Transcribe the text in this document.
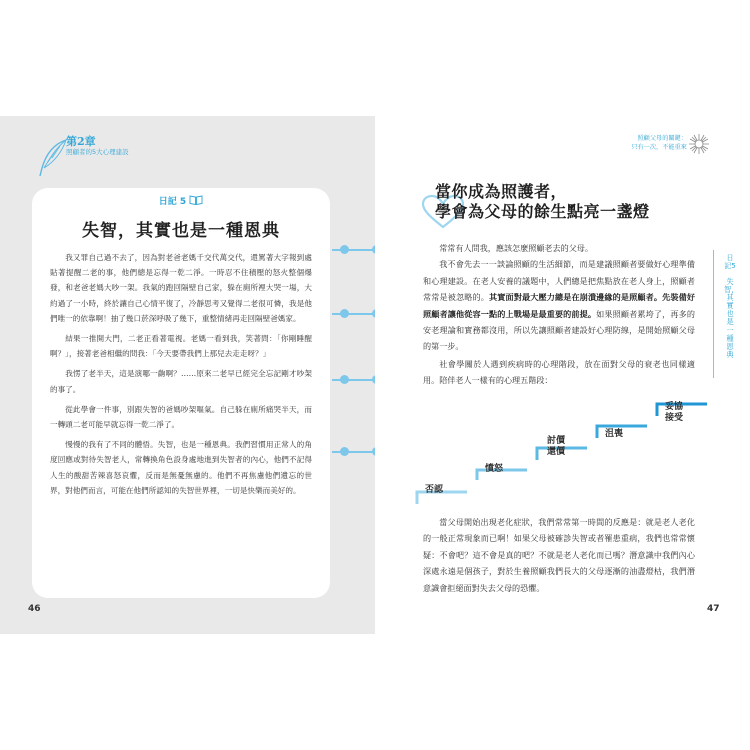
第2章
照顧者的5大心理建設
日記 5
失智，其實也是一種恩典

我又罪自己過不去了，因為對老爸老媽千交代萬交代，還罵著大字報到處貼著提醒二老的事，他們總是忘得一乾二淨。一時忍不住積壓的怒火整個爆發，和老爸老媽大吵一架。我氣的跑回隔壁自己家，躲在廁所裡大哭一場，大約過了一小時，終於讓自己心情平復了，冷靜思考又覺得二老很可憐，我是他們唯一的依靠啊！抽了幾口菸深呼吸了幾下，重整情緒再走回隔壁爸媽家。

結果一推開大門，二老正看著電視。老媽一看到我，笑著問：「你剛睡醒啊？」，接著老爸相繼的問我：「今天要帶我們上那兒去走走呀？」

我愣了老半天，這是演哪一齣啊？……原來二老早已經完全忘記剛才吵架的事了。

從此學會一件事，別跟失智的爸媽吵架嘔氣。自己躲在廁所痛哭半天，而一轉頭二老可能早就忘得一乾二淨了。

慢慢的我有了不同的體悟。失智，也是一種恩典。我們習慣用正常人的角度回應或對待失智老人，常轉換角色設身處地進到失智者的內心，他們不記得人生的酸甜苦辣喜怒哀懼，反而是無憂無慮的。他們不再焦慮他們遺忘的世界，對他們而言，可能在他們所認知的失智世界裡，一切是快樂而美好的。

46
照顧父母的關鍵：
只有一次，不能重來
日記5
失智，其實也是一種恩典
當你成為照護者，
學會為父母的餘生點亮一盞燈

常常有人問我，應該怎麼照顧老去的父母。

我不會先去一一談論照顧的生活細節，而是建議照顧者要做好心理準備和心理建設。在老人安養的議題中，人們總是把焦點放在老人身上，照顧者常常是被忽略的。其實面對最大壓力總是在崩潰邊緣的是照顧者。先裝備好照顧者讓他從容一點的上戰場是最重要的前提。如果照顧者累垮了，再多的安老理論和實務都沒用，所以先讓照顧者建設好心理防線，是開始照顧父母的第一步。

社會學關於人遇到疾病時的心理階段，放在面對父母的衰老也同樣適用。陪伴老人一樣有的心理五階段：

否認
憤怒
討價還價
沮喪
妥協接受

當父母開始出現老化症狀，我們常常第一時間的反應是：就是老人老化的一般正常現象而已啊！如果父母被確診失智或者罹患重病，我們也常常懷疑：不會吧？這不會是真的吧？不就是老人老化而已嗎？潛意識中我們內心深處永遠是個孩子，對於生養照顧我們長大的父母逐漸的油盡燈枯，我們潛意識會拒絕面對失去父母的恐懼。

47
